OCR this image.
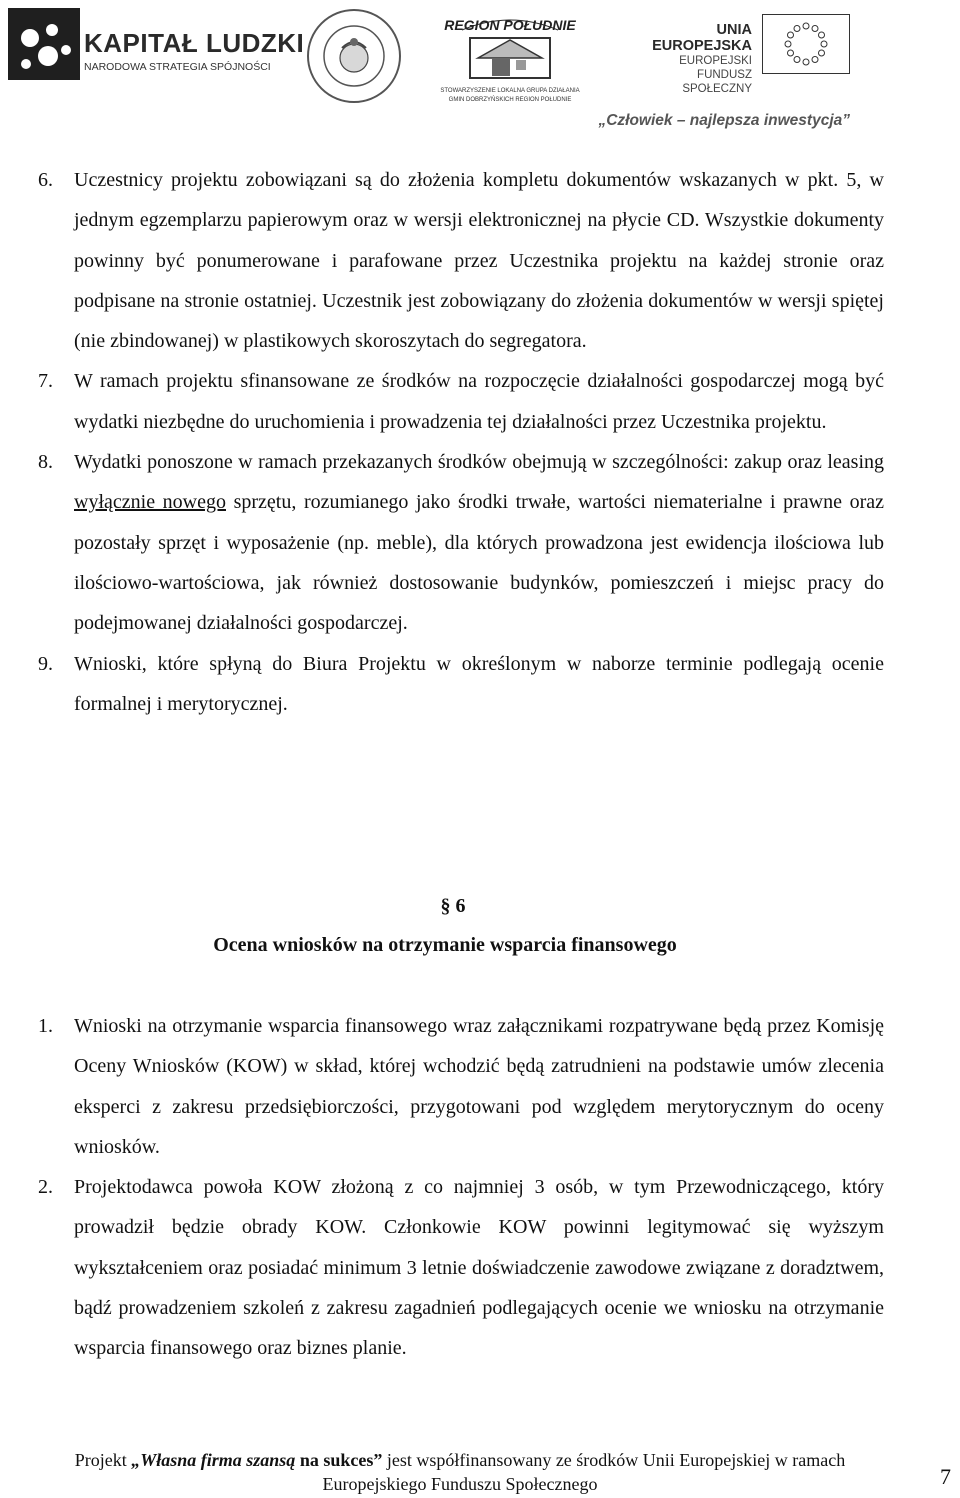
KAPITAŁ LUDZKI
NARODOWA STRATEGIA SPÓJNOŚCI
REGION POŁUDNIE
STOWARZYSZENIE LOKALNA GRUPA DZIAŁANIA
GMIN DOBRZYŃSKICH REGION POŁUDNIE
UNIA EUROPEJSKA
EUROPEJSKI
FUNDUSZ SPOŁECZNY
„Człowiek – najlepsza inwestycja”
6. Uczestnicy projektu zobowiązani są do złożenia kompletu dokumentów wskazanych w pkt. 5, w jednym egzemplarzu papierowym oraz w wersji elektronicznej na płycie CD. Wszystkie dokumenty powinny być ponumerowane i parafowane przez Uczestnika projektu na każdej stronie oraz podpisane na stronie ostatniej. Uczestnik jest zobowiązany do złożenia dokumentów w wersji spiętej (nie zbindowanej) w plastikowych skoroszytach do segregatora.
7. W ramach projektu sfinansowane ze środków na rozpoczęcie działalności gospodarczej mogą być wydatki niezbędne do uruchomienia i prowadzenia tej działalności przez Uczestnika projektu.
8. Wydatki ponoszone w ramach przekazanych środków obejmują w szczególności: zakup oraz leasing wyłącznie nowego sprzętu, rozumianego jako środki trwałe, wartości niematerialne i prawne oraz pozostały sprzęt i wyposażenie (np. meble), dla których prowadzona jest ewidencja ilościowa lub ilościowo-wartościowa, jak również dostosowanie budynków, pomieszczeń i miejsc pracy do podejmowanej działalności gospodarczej.
9. Wnioski, które spłyną do Biura Projektu w określonym w naborze terminie podlegają ocenie formalnej i merytorycznej.
§ 6
Ocena wniosków na otrzymanie wsparcia finansowego
1. Wnioski na otrzymanie wsparcia finansowego wraz załącznikami rozpatrywane będą przez Komisję Oceny Wniosków (KOW) w skład, której wchodzić będą zatrudnieni na podstawie umów zlecenia eksperci z zakresu przedsiębiorczości, przygotowani pod względem merytorycznym do oceny wniosków.
2. Projektodawca powoła KOW złożoną z co najmniej 3 osób, w tym Przewodniczącego, który prowadził będzie obrady KOW. Członkowie KOW powinni legitymować się wyższym wykształceniem oraz posiadać minimum 3 letnie doświadczenie zawodowe związane z doradztwem, bądź prowadzeniem szkoleń z zakresu zagadnień podlegających ocenie we wniosku na otrzymanie wsparcia finansowego oraz biznes planie.
Projekt „Własna firma szansą na sukces” jest współfinansowany ze środków Unii Europejskiej w ramach
Europejskiego Funduszu Społecznego	7
